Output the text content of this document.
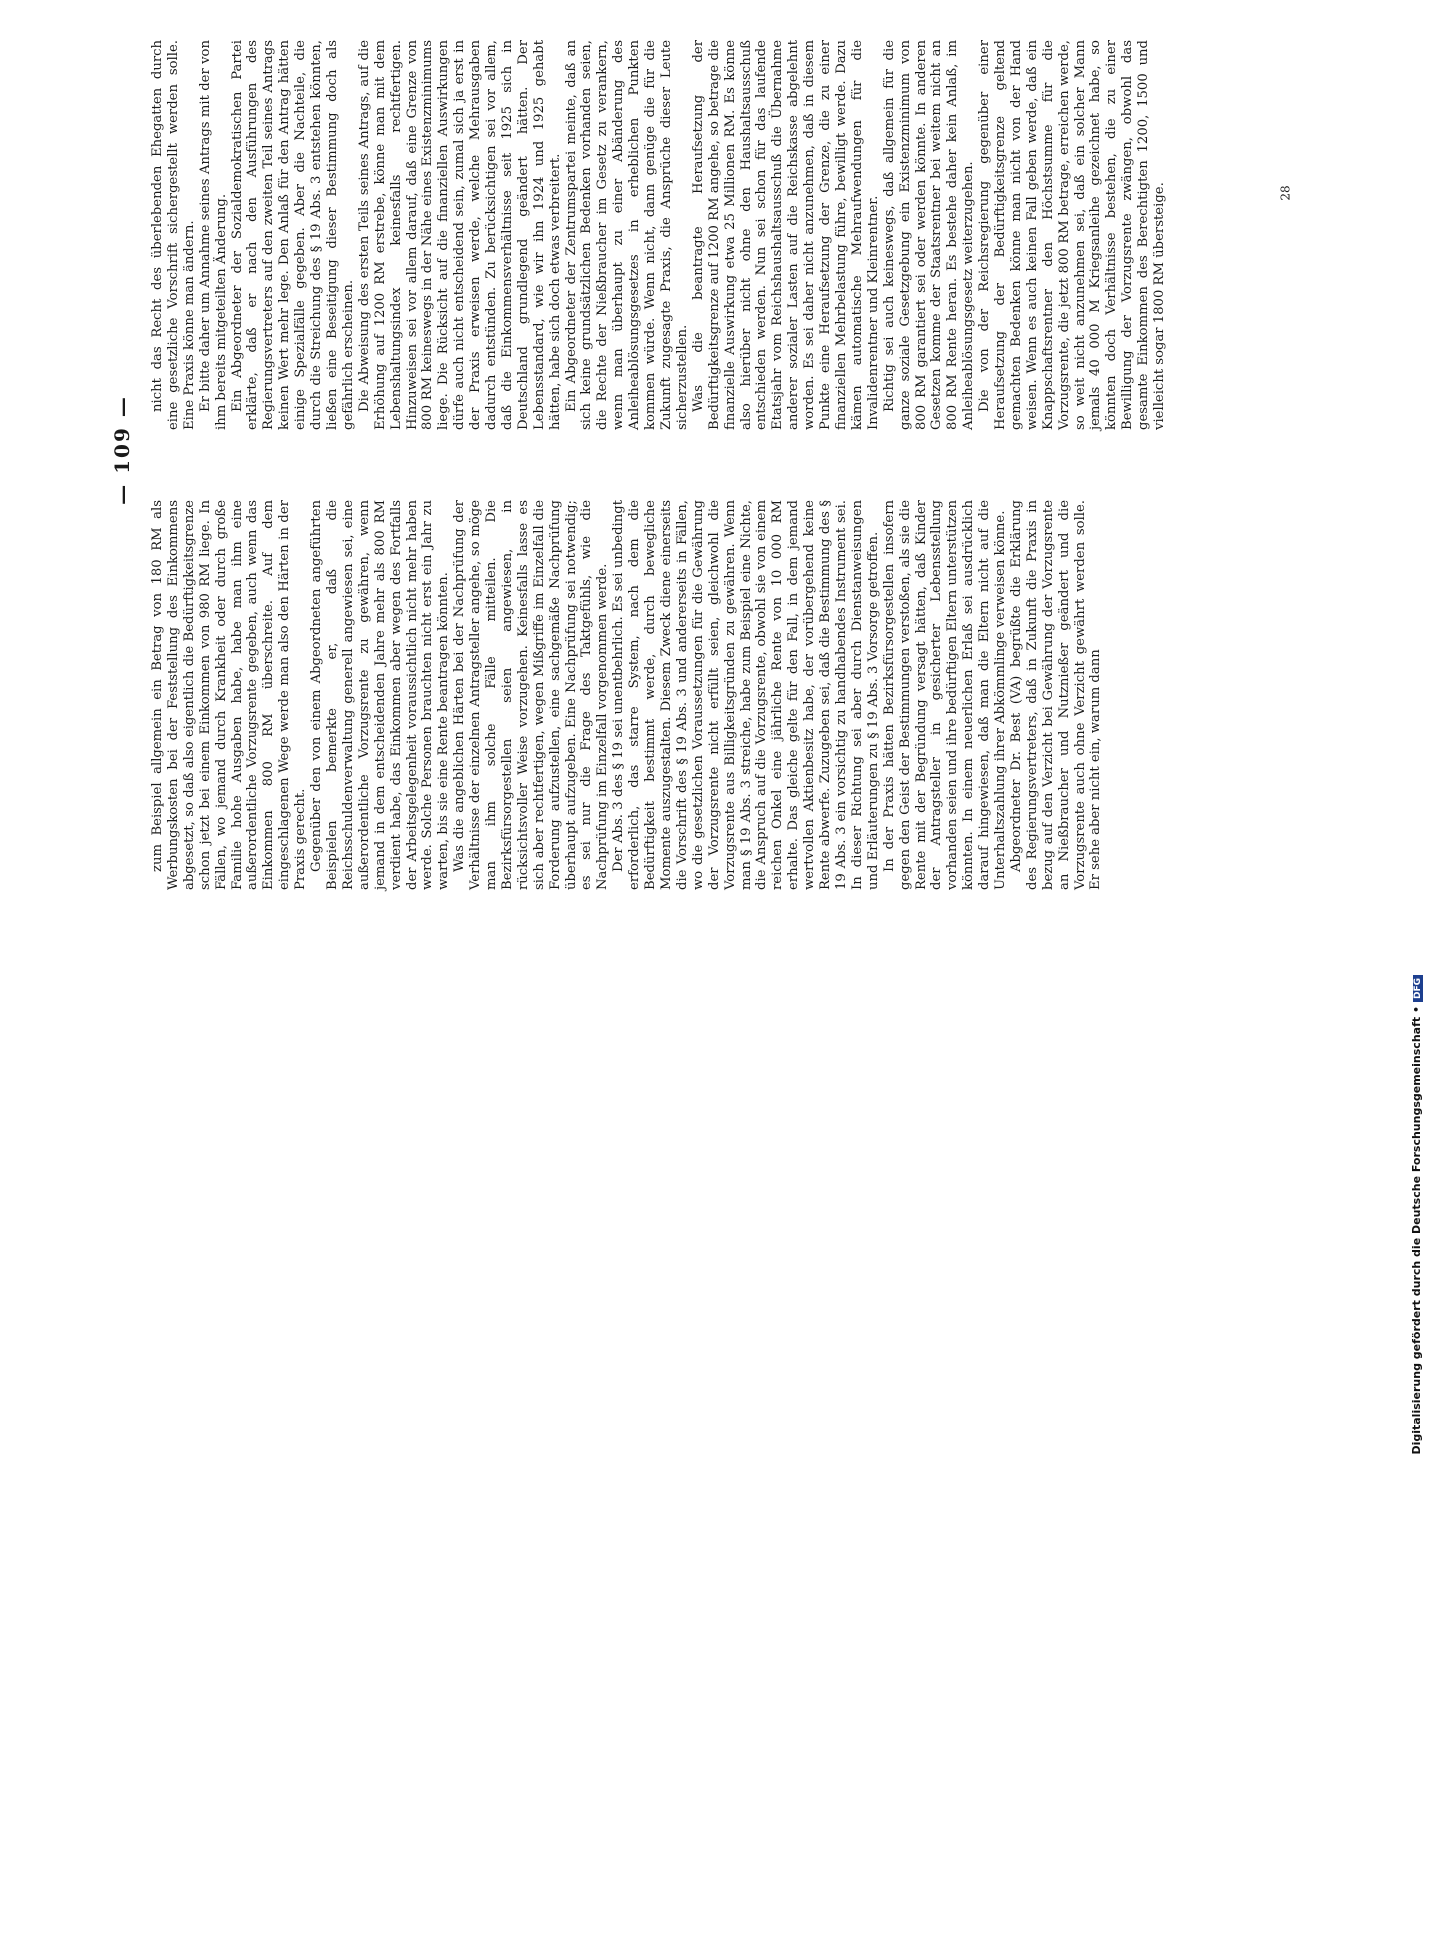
— 109 —

zum Beispiel allgemein ein Betrag von 180 RM als Werbungskosten bei der Feststellung des Einkommens abgesetzt, so daß also eigentlich die Bedürftigkeitsgrenze schon jetzt bei einem Einkommen von 980 RM liege. In Fällen, wo jemand durch Krankheit oder durch große Familie hohe Ausgaben habe, habe man ihm eine außerordentliche Vorzugsrente gegeben, auch wenn das Einkommen 800 RM überschreite. Auf dem eingeschlagenen Wege werde man also den Härten in der Praxis gerecht. Gegenüber den von einem Abgeordneten angeführten Beispielen bemerkte er, daß die Reichsschuldenverwaltung generell angewiesen sei, eine außerordentliche Vorzugsrente zu gewähren, wenn jemand in dem entscheidenden Jahre mehr als 800 RM verdient habe, das Einkommen aber wegen des Fortfalls der Arbeitsgelegenheit voraussichtlich nicht mehr haben werde. Solche Personen brauchten nicht erst ein Jahr zu warten, bis sie eine Rente beantragen könnten. Was die angeblichen Härten bei der Nachprüfung der Verhältnisse der einzelnen Antragsteller angehe, so möge man ihm solche Fälle mitteilen. Die Bezirksfürsorgestellen seien angewiesen, in rücksichtsvoller Weise vorzugehen. Keinesfalls lasse es sich aber rechtfertigen, wegen Mißgriffe im Einzelfall die Forderung aufzustellen, eine sachgemäße Nachprüfung überhaupt aufzugeben. Eine Nachprüfung sei notwendig; es sei nur die Frage des Taktgefühls, wie die Nachprüfung im Einzelfall vorgenommen werde. Der Abs. 3 des § 19 sei unentbehrlich. Es sei unbedingt erforderlich, das starre System, nach dem die Bedürftigkeit bestimmt werde, durch bewegliche Momente auszugestalten. Diesem Zweck diene einerseits die Vorschrift des § 19 Abs. 3 und andererseits in Fällen, wo die gesetzlichen Voraussetzungen für die Gewährung der Vorzugsrente nicht erfüllt seien, gleichwohl die Vorzugsrente aus Billigkeitsgründen zu gewähren. Wenn man § 19 Abs. 3 streiche, habe zum Beispiel eine Nichte, die Anspruch auf die Vorzugsrente, obwohl sie von einem reichen Onkel eine jährliche Rente von 10 000 RM erhalte. Das gleiche gelte für den Fall, in dem jemand wertvollen Aktienbesitz habe, der vorübergehend keine Rente abwerfe. Zuzugeben sei, daß die Bestimmung des § 19 Abs. 3 ein vorsichtig zu handhabendes Instrument sei. In dieser Richtung sei aber durch Dienstanweisungen und Erläuterungen zu § 19 Abs. 3 Vorsorge getroffen. In der Praxis hätten Bezirksfürsorgestellen insofern gegen den Geist der Bestimmungen verstoßen, als sie die Rente mit der Begründung versagt hätten, daß Kinder der Antragsteller in gesicherter Lebensstellung vorhanden seien und ihre bedürftigen Eltern unterstützen könnten. In einem neuerlichen Erlaß sei ausdrücklich darauf hingewiesen, daß man die Eltern nicht auf die Unterhaltszahlung ihrer Abkömmlinge verweisen könne. Abgeordneter Dr. Best (VA) begrüßte die Erklärung des Regierungsvertreters, daß in Zukunft die Praxis in bezug auf den Verzicht bei Gewährung der Vorzugsrente an Nießbraucher und Nutznießer geändert und die Vorzugsrente auch ohne Verzicht gewährt werden solle. Er sehe aber nicht ein, warum dann

nicht das Recht des überlebenden Ehegatten durch eine gesetzliche Vorschrift sichergestellt werden solle. Eine Praxis könne man ändern. Er bitte daher um Annahme seines Antrags mit der von ihm bereits mitgeteilten Änderung. Ein Abgeordneter der Sozialdemokratischen Partei erklärte, daß er nach den Ausführungen des Regierungsvertreters auf den zweiten Teil seines Antrags keinen Wert mehr lege. Den Anlaß für den Antrag hätten einige Spezialfälle gegeben. Aber die Nachteile, die durch die Streichung des § 19 Abs. 3 entstehen könnten, ließen eine Beseitigung dieser Bestimmung doch als gefährlich erscheinen. Die Abweisung des ersten Teils seines Antrags, auf die Erhöhung auf 1200 RM erstrebe, könne man mit dem Lebenshaltungsindex keinesfalls rechtfertigen. Hinzuweisen sei vor allem darauf, daß eine Grenze von 800 RM keineswegs in der Nähe eines Existenzminimums liege. Die Rücksicht auf die finanziellen Auswirkungen dürfe auch nicht entscheidend sein, zumal sich ja erst in der Praxis erweisen werde, welche Mehrausgaben dadurch entstünden. Zu berücksichtigen sei vor allem, daß die Einkommensverhältnisse seit 1925 sich in Deutschland grundlegend geändert hätten. Der Lebensstandard, wie wir ihn 1924 und 1925 gehabt hätten, habe sich doch etwas verbreitert. Ein Abgeordneter der Zentrumspartei meinte, daß an sich keine grundsätzlichen Bedenken vorhanden seien, die Rechte der Nießbraucher im Gesetz zu verankern, wenn man überhaupt zu einer Abänderung des Anleiheablösungsgesetzes in erheblichen Punkten kommen würde. Wenn nicht, dann genüge die für die Zukunft zugesagte Praxis, die Ansprüche dieser Leute sicherzustellen. Was die beantragte Heraufsetzung der Bedürftigkeitsgrenze auf 1200 RM angehe, so betrage die finanzielle Auswirkung etwa 25 Millionen RM. Es könne also hierüber nicht ohne den Haushaltsausschuß entschieden werden. Nun sei schon für das laufende Etatsjahr vom Reichshaushaltsausschuß die Übernahme anderer sozialer Lasten auf die Reichskasse abgelehnt worden. Es sei daher nicht anzunehmen, daß in diesem Punkte eine Heraufsetzung der Grenze, die zu einer finanziellen Mehrbelastung führe, bewilligt werde. Dazu kämen automatische Mehraufwendungen für die Invalidenrentner und Kleinrentner. Richtig sei auch keineswegs, daß allgemein für die ganze soziale Gesetzgebung ein Existenzminimum von 800 RM garantiert sei oder werden könnte. In anderen Gesetzen komme der Staatsrentner bei weitem nicht an 800 RM Rente heran. Es bestehe daher kein Anlaß, im Anleiheablösungsgesetz weiterzugehen. Die von der Reichsregierung gegenüber einer Heraufsetzung der Bedürftigkeitsgrenze geltend gemachten Bedenken könne man nicht von der Hand weisen. Wenn es auch keinen Fall geben werde, daß ein Knappschaftsrentner den Höchstsumme für die Vorzugsrente, die jetzt 800 RM betrage, erreichen werde, so weit nicht anzunehmen sei, daß ein solcher Mann jemals 40 000 M Kriegsanleihe gezeichnet habe, so könnten doch Verhältnisse bestehen, die zu einer Bewilligung der Vorzugsrente zwängen, obwohl das gesamte Einkommen des Berechtigten 1200, 1500 und vielleicht sogar 1800 RM übersteige.	28
Digitalisierung gefördert durch die Deutsche Forschungsgemeinschaft •DFG
